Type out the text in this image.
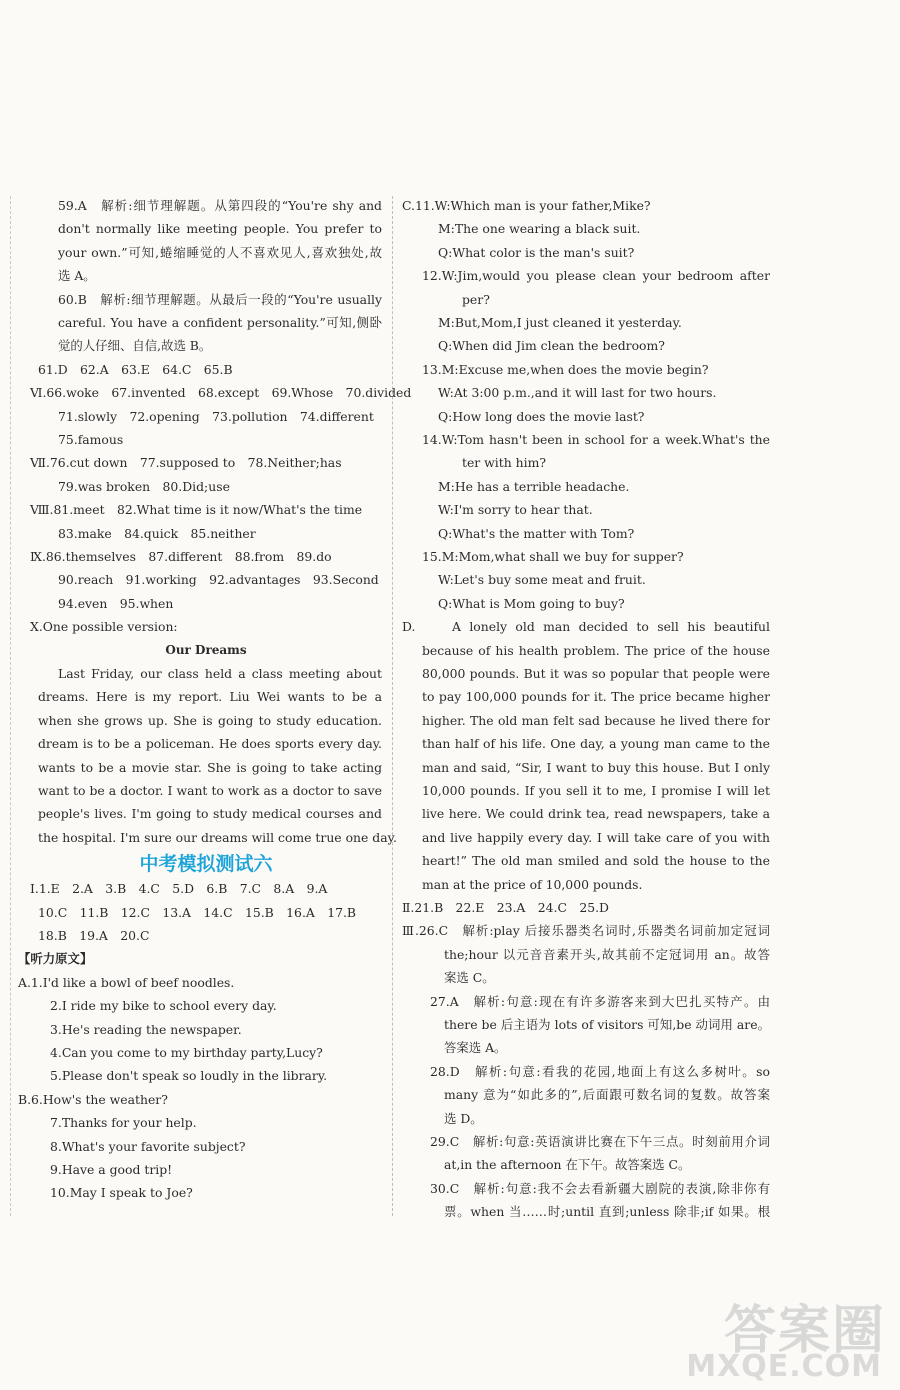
59.A　解析:细节理解题。从第四段的“You're shy and
don't normally like meeting people. You prefer to
your own.”可知,蜷缩睡觉的人不喜欢见人,喜欢独处,故
选 A。
60.B　解析:细节理解题。从最后一段的“You're usually
careful. You have a confident personality.”可知,侧卧
觉的人仔细、自信,故选 B。
61.D　62.A　63.E　64.C　65.B
Ⅵ.66.woke　67.invented　68.except　69.Whose　70.divided
71.slowly　72.opening　73.pollution　74.different
75.famous
Ⅶ.76.cut down　77.supposed to　78.Neither;has
79.was broken　80.Did;use
Ⅷ.81.meet　82.What time is it now/What's the time
83.make　84.quick　85.neither
Ⅸ.86.themselves　87.different　88.from　89.do
90.reach　91.working　92.advantages　93.Second
94.even　95.when
Ⅹ.One possible version:
Our Dreams
Last Friday, our class held a class meeting about
dreams. Here is my report. Liu Wei wants to be a
when she grows up. She is going to study education.
dream is to be a policeman. He does sports every day.
wants to be a movie star. She is going to take acting
want to be a doctor. I want to work as a doctor to save
people's lives. I'm going to study medical courses and
the hospital. I'm sure our dreams will come true one day.
中考模拟测试六
Ⅰ.1.E　2.A　3.B　4.C　5.D　6.B　7.C　8.A　9.A
10.C　11.B　12.C　13.A　14.C　15.B　16.A　17.B
18.B　19.A　20.C
【听力原文】
A.1.I'd like a bowl of beef noodles.
2.I ride my bike to school every day.
3.He's reading the newspaper.
4.Can you come to my birthday party,Lucy?
5.Please don't speak so loudly in the library.
B.6.How's the weather?
7.Thanks for your help.
8.What's your favorite subject?
9.Have a good trip!
10.May I speak to Joe?
C.11.W:Which man is your father,Mike?
M:The one wearing a black suit.
Q:What color is the man's suit?
12.W:Jim,would you please clean your bedroom after
per?
M:But,Mom,I just cleaned it yesterday.
Q:When did Jim clean the bedroom?
13.M:Excuse me,when does the movie begin?
W:At 3:00 p.m.,and it will last for two hours.
Q:How long does the movie last?
14.W:Tom hasn't been in school for a week.What's the
ter with him?
M:He has a terrible headache.
W:I'm sorry to hear that.
Q:What's the matter with Tom?
15.M:Mom,what shall we buy for supper?
W:Let's buy some meat and fruit.
Q:What is Mom going to buy?
D.	A lonely old man decided to sell his beautiful
because of his health problem. The price of the house
80,000 pounds. But it was so popular that people were
to pay 100,000 pounds for it. The price became higher
higher. The old man felt sad because he lived there for
than half of his life. One day, a young man came to the
man and said, “Sir, I want to buy this house. But I only
10,000 pounds. If you sell it to me, I promise I will let
live here. We could drink tea, read newspapers, take a
and live happily every day. I will take care of you with
heart!” The old man smiled and sold the house to the
man at the price of 10,000 pounds.
Ⅱ.21.B　22.E　23.A　24.C　25.D
Ⅲ.26.C　解析:play 后接乐器类名词时,乐器类名词前加定冠词
the;hour 以元音音素开头,故其前不定冠词用 an。故答
案选 C。
27.A　解析:句意:现在有许多游客来到大巴扎买特产。由
there be 后主语为 lots of visitors 可知,be 动词用 are。
答案选 A。
28.D　解析:句意:看我的花园,地面上有这么多树叶。so
many 意为“如此多的”,后面跟可数名词的复数。故答案
选 D。
29.C　解析:句意:英语演讲比赛在下午三点。时刻前用介词
at,in the afternoon 在下午。故答案选 C。
30.C　解析:句意:我不会去看新疆大剧院的表演,除非你有
票。when 当……时;until 直到;unless 除非;if 如果。根
答案圈
MXQE.COM
